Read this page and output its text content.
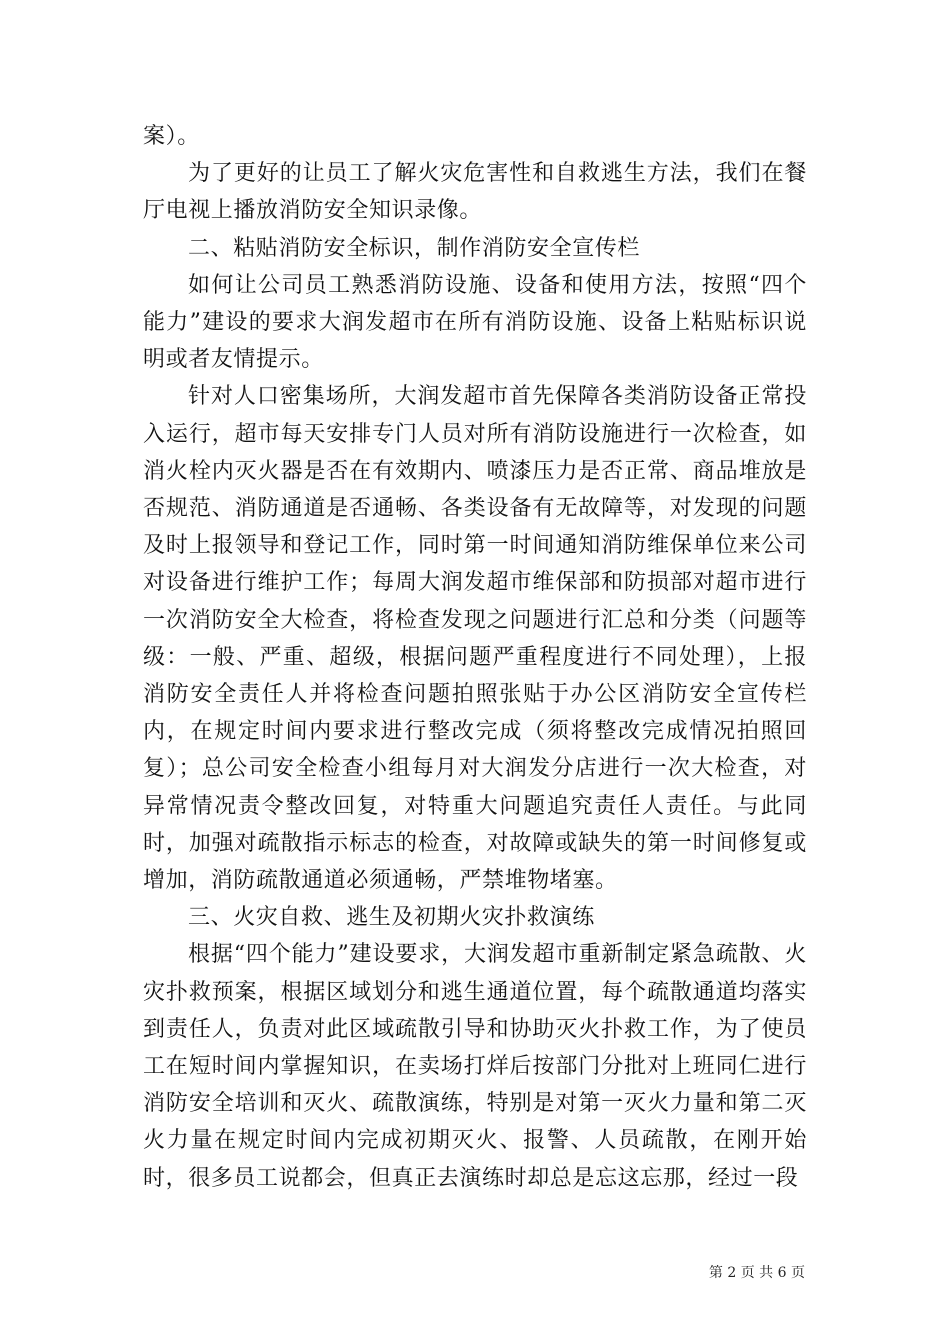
案）。

为了更好的让员工了解火灾危害性和自救逃生方法，我们在餐厅电视上播放消防安全知识录像。

二、粘贴消防安全标识，制作消防安全宣传栏

如何让公司员工熟悉消防设施、设备和使用方法，按照“四个能力”建设的要求大润发超市在所有消防设施、设备上粘贴标识说明或者友情提示。

针对人口密集场所，大润发超市首先保障各类消防设备正常投入运行，超市每天安排专门人员对所有消防设施进行一次检查，如消火栓内灭火器是否在有效期内、喷漆压力是否正常、商品堆放是否规范、消防通道是否通畅、各类设备有无故障等，对发现的问题及时上报领导和登记工作，同时第一时间通知消防维保单位来公司对设备进行维护工作；每周大润发超市维保部和防损部对超市进行一次消防安全大检查，将检查发现之问题进行汇总和分类（问题等级：一般、严重、超级，根据问题严重程度进行不同处理），上报消防安全责任人并将检查问题拍照张贴于办公区消防安全宣传栏内，在规定时间内要求进行整改完成（须将整改完成情况拍照回复）；总公司安全检查小组每月对大润发分店进行一次大检查，对异常情况责令整改回复，对特重大问题追究责任人责任。与此同时，加强对疏散指示标志的检查，对故障或缺失的第一时间修复或增加，消防疏散通道必须通畅，严禁堆物堵塞。

三、火灾自救、逃生及初期火灾扑救演练

根据“四个能力”建设要求，大润发超市重新制定紧急疏散、火灾扑救预案，根据区域划分和逃生通道位置，每个疏散通道均落实到责任人，负责对此区域疏散引导和协助灭火扑救工作，为了使员工在短时间内掌握知识，在卖场打烊后按部门分批对上班同仁进行消防安全培训和灭火、疏散演练，特别是对第一灭火力量和第二灭火力量在规定时间内完成初期灭火、报警、人员疏散，在刚开始时，很多员工说都会，但真正去演练时却总是忘这忘那，经过一段

第 2 页 共 6 页
